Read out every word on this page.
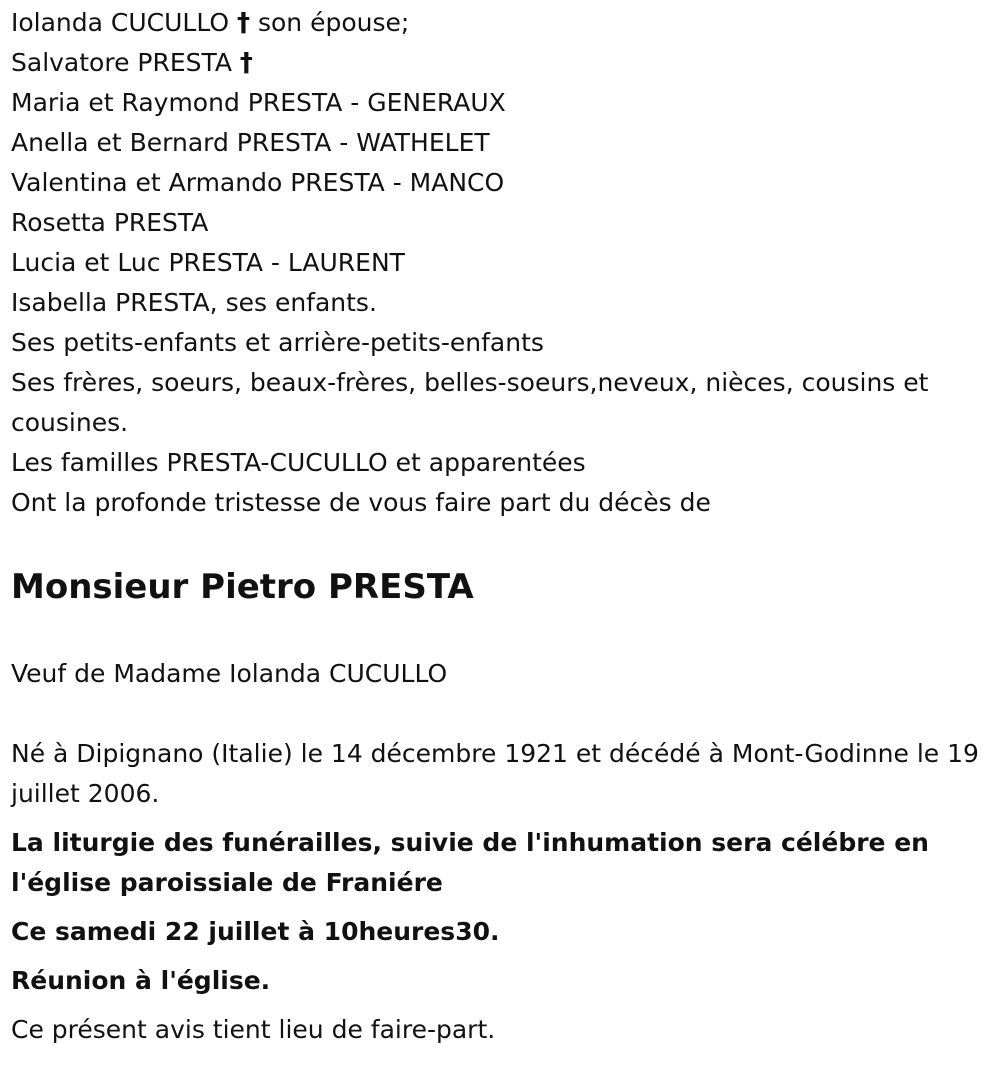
Iolanda CUCULLO † son épouse;

Salvatore PRESTA †

Maria et Raymond PRESTA - GENERAUX

Anella et Bernard PRESTA - WATHELET

Valentina et Armando PRESTA - MANCO

Rosetta PRESTA

Lucia et Luc PRESTA - LAURENT

Isabella PRESTA, ses enfants.

Ses petits-enfants et arrière-petits-enfants

Ses frères, soeurs, beaux-frères, belles-soeurs,neveux, nièces, cousins et cousines.

Les familles PRESTA-CUCULLO et apparentées

Ont la profonde tristesse de vous faire part du décès de

Monsieur Pietro PRESTA

Veuf de Madame Iolanda CUCULLO

Né à Dipignano (Italie) le 14 décembre 1921 et décédé à Mont-Godinne le 19 juillet 2006.

La liturgie des funérailles, suivie de l'inhumation sera célébre en l'église paroissiale de Franiére

Ce samedi 22 juillet à 10heures30.

Réunion à l'église.

Ce présent avis tient lieu de faire-part.
